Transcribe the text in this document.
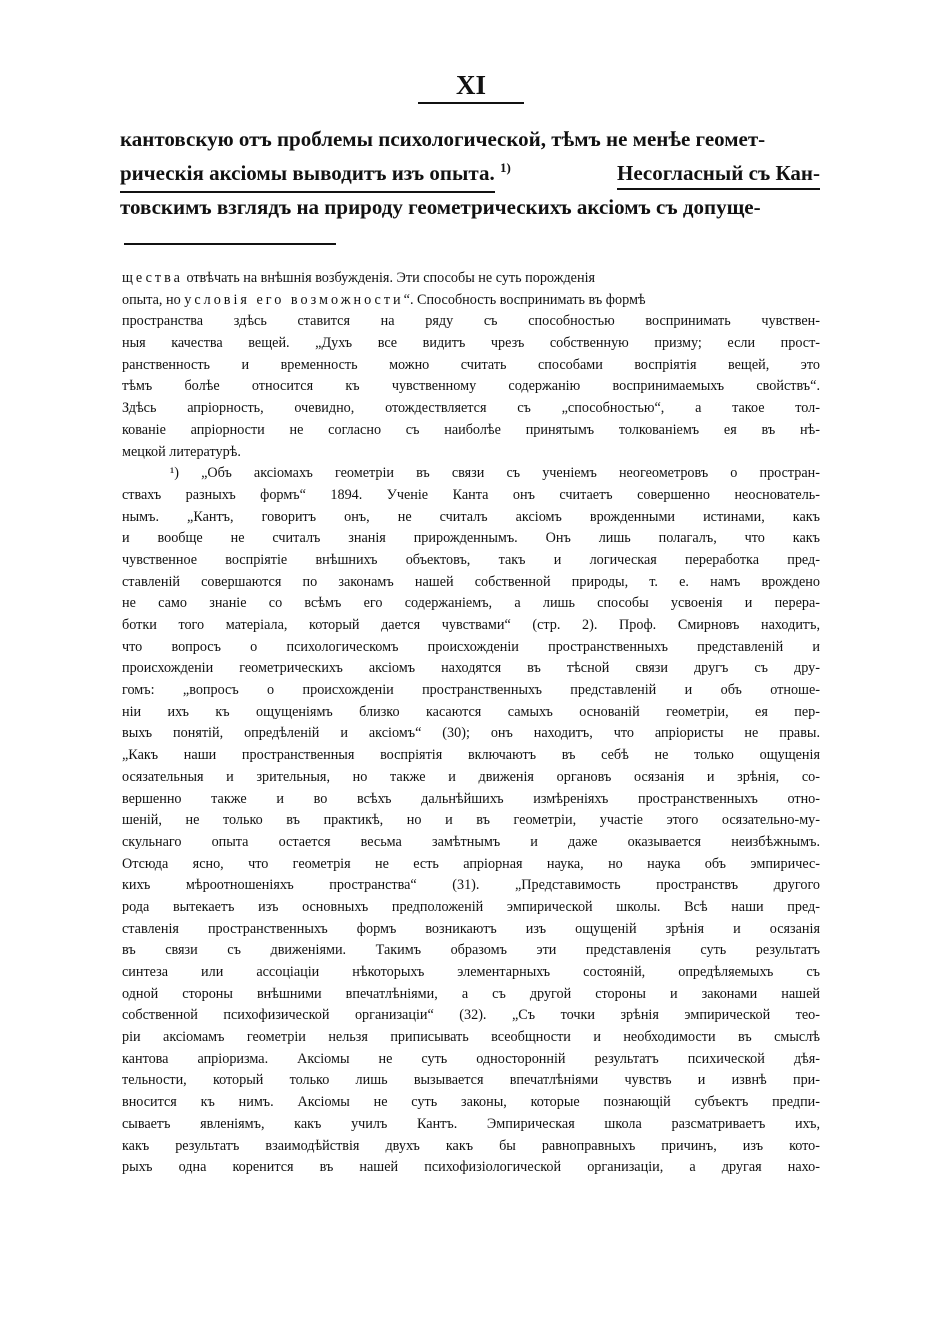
XI
кантовскую отъ проблемы психологической, тѣмъ не менѣе геомет-
рическія аксіомы выводитъ изъ опыта. 1)	Несогласный съ Кан-
товскимъ взглядъ на природу геометрическихъ аксіомъ съ допуще-
щества отвѣчать на внѣшнія возбужденія. Эти способы не суть порожденія
опыта, но условія его возможности“. Способность воспринимать въ формѣ
пространства здѣсь ставится на ряду съ способностью воспринимать чувствен-
ныя качества вещей. „Духъ все видитъ чрезъ собственную призму; если прост-
ранственность и временность можно считать способами воспріятія вещей, это
тѣмъ болѣе относится къ чувственному содержанію воспринимаемыхъ свойствъ“.
Здѣсь апріорность, очевидно, отождествляется съ „способностью“, а такое тол-
кованіе апріорности не согласно съ наиболѣе принятымъ толкованіемъ ея въ нѣ-
мецкой литературѣ.
¹) „Объ аксіомахъ геометріи въ связи съ ученіемъ неогеометровъ о простран-
ствахъ разныхъ формъ“ 1894. Ученіе Канта онъ считаетъ совершенно неоснователь-
нымъ. „Кантъ, говоритъ онъ, не считалъ аксіомъ врожденными истинами, какъ
и вообще не считалъ знанія прирожденнымъ. Онъ лишь полагалъ, что какъ
чувственное воспріятіе внѣшнихъ объектовъ, такъ и логическая переработка пред-
ставленій совершаются по законамъ нашей собственной природы, т. е. намъ врождено
не само знаніе со всѣмъ его содержаніемъ, а лишь способы усвоенія и перера-
ботки того матеріала, который дается чувствами“ (стр. 2). Проф. Смирновъ находитъ,
что вопросъ о психологическомъ происхожденіи пространственныхъ представленій и
происхожденіи геометрическихъ аксіомъ находятся въ тѣсной связи другъ съ дру-
гомъ: „вопросъ о происхожденіи пространственныхъ представленій и объ отноше-
ніи ихъ къ ощущеніямъ близко касаются самыхъ основаній геометріи, ея пер-
выхъ понятій, опредѣленій и аксіомъ“ (30); онъ находитъ, что апріористы не правы.
„Какъ наши пространственныя воспріятія включаютъ въ себѣ не только ощущенія
осязательныя и зрительныя, но также и движенія органовъ осязанія и зрѣнія, со-
вершенно также и во всѣхъ дальнѣйшихъ измѣреніяхъ пространственныхъ отно-
шеній, не только въ практикѣ, но и въ геометріи, участіе этого осязательно-му-
скульнаго опыта остается весьма замѣтнымъ и даже оказывается неизбѣжнымъ.
Отсюда ясно, что геометрія не есть апріорная наука, но наука объ эмпиричес-
кихъ мѣроотношеніяхъ пространства“ (31). „Представимость пространствъ другого
рода вытекаетъ изъ основныхъ предположеній эмпирической школы. Всѣ наши пред-
ставленія пространственныхъ формъ возникаютъ изъ ощущеній зрѣнія и осязанія
въ связи съ движеніями. Такимъ образомъ эти представленія суть результатъ
синтеза или ассоціаціи нѣкоторыхъ элементарныхъ состояній, опредѣляемыхъ съ
одной стороны внѣшними впечатлѣніями, а съ другой стороны и законами нашей
собственной психофизической организаціи“ (32). „Съ точки зрѣнія эмпирической тео-
ріи аксіомамъ геометріи нельзя приписывать всеобщности и необходимости въ смыслѣ
кантова апріоризма. Аксіомы не суть односторонній результатъ психической дѣя-
тельности, который только лишь вызывается впечатлѣніями чувствъ и извнѣ при-
вносится къ нимъ. Аксіомы не суть законы, которые познающій субъектъ предпи-
сываетъ явленіямъ, какъ училъ Кантъ. Эмпирическая школа разсматриваетъ ихъ,
какъ результатъ взаимодѣйствія двухъ какъ бы равноправныхъ причинъ, изъ кото-
рыхъ одна коренится въ нашей психофизіологической организаціи, а другая нахо-
